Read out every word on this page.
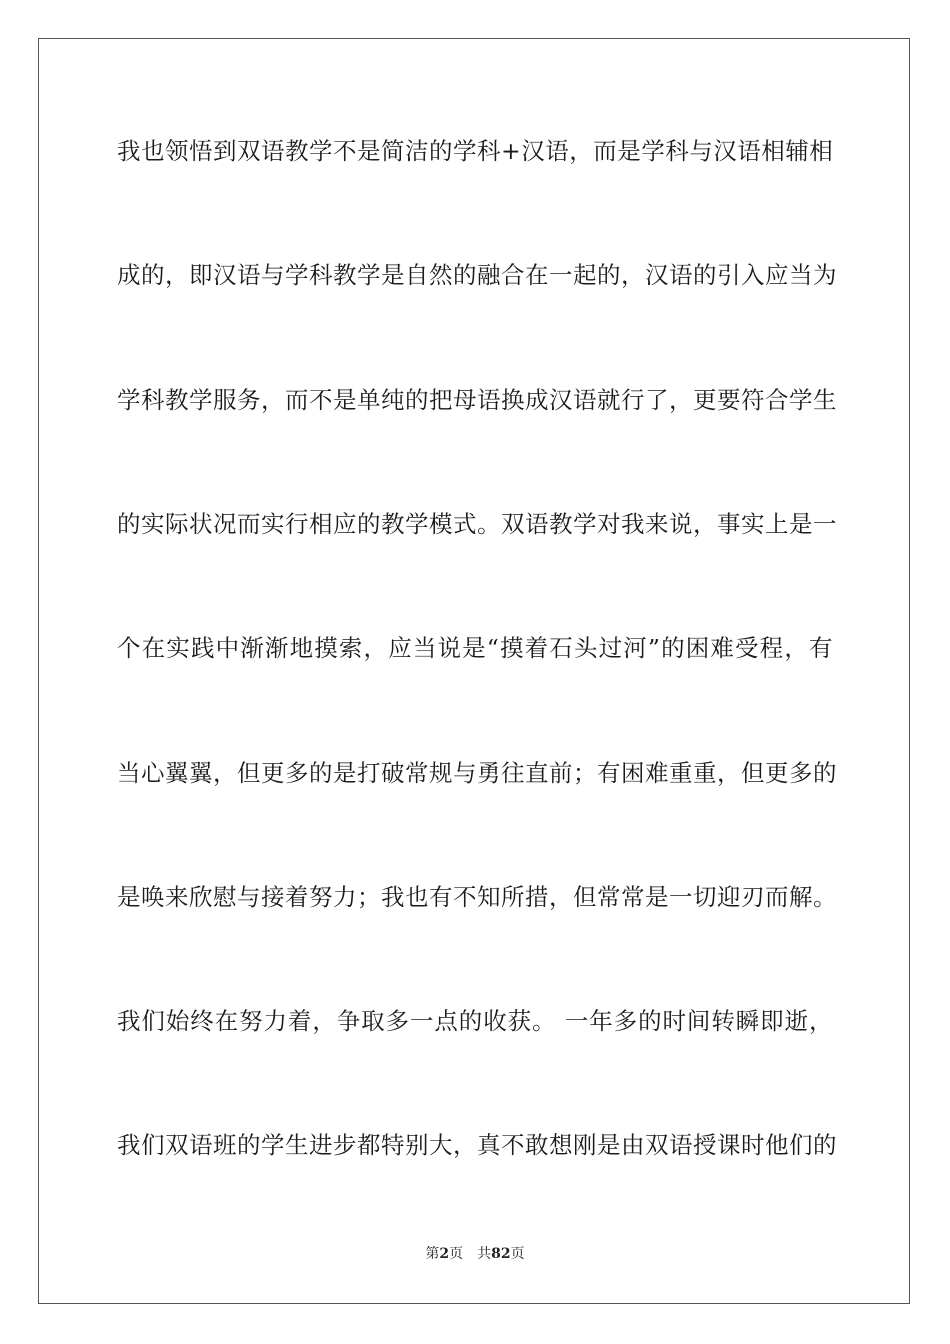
我也领悟到双语教学不是简洁的学科+汉语，而是学科与汉语相辅相
成的，即汉语与学科教学是自然的融合在一起的，汉语的引入应当为
学科教学服务，而不是单纯的把母语换成汉语就行了，更要符合学生
的实际状况而实行相应的教学模式。双语教学对我来说，事实上是一
个在实践中渐渐地摸索，应当说是“摸着石头过河”的困难受程，有
当心翼翼，但更多的是打破常规与勇往直前；有困难重重，但更多的
是唤来欣慰与接着努力；我也有不知所措，但常常是一切迎刃而解。
我们始终在努力着，争取多一点的收获。 一年多的时间转瞬即逝，
我们双语班的学生进步都特别大，真不敢想刚是由双语授课时他们的
第2页 共82页
